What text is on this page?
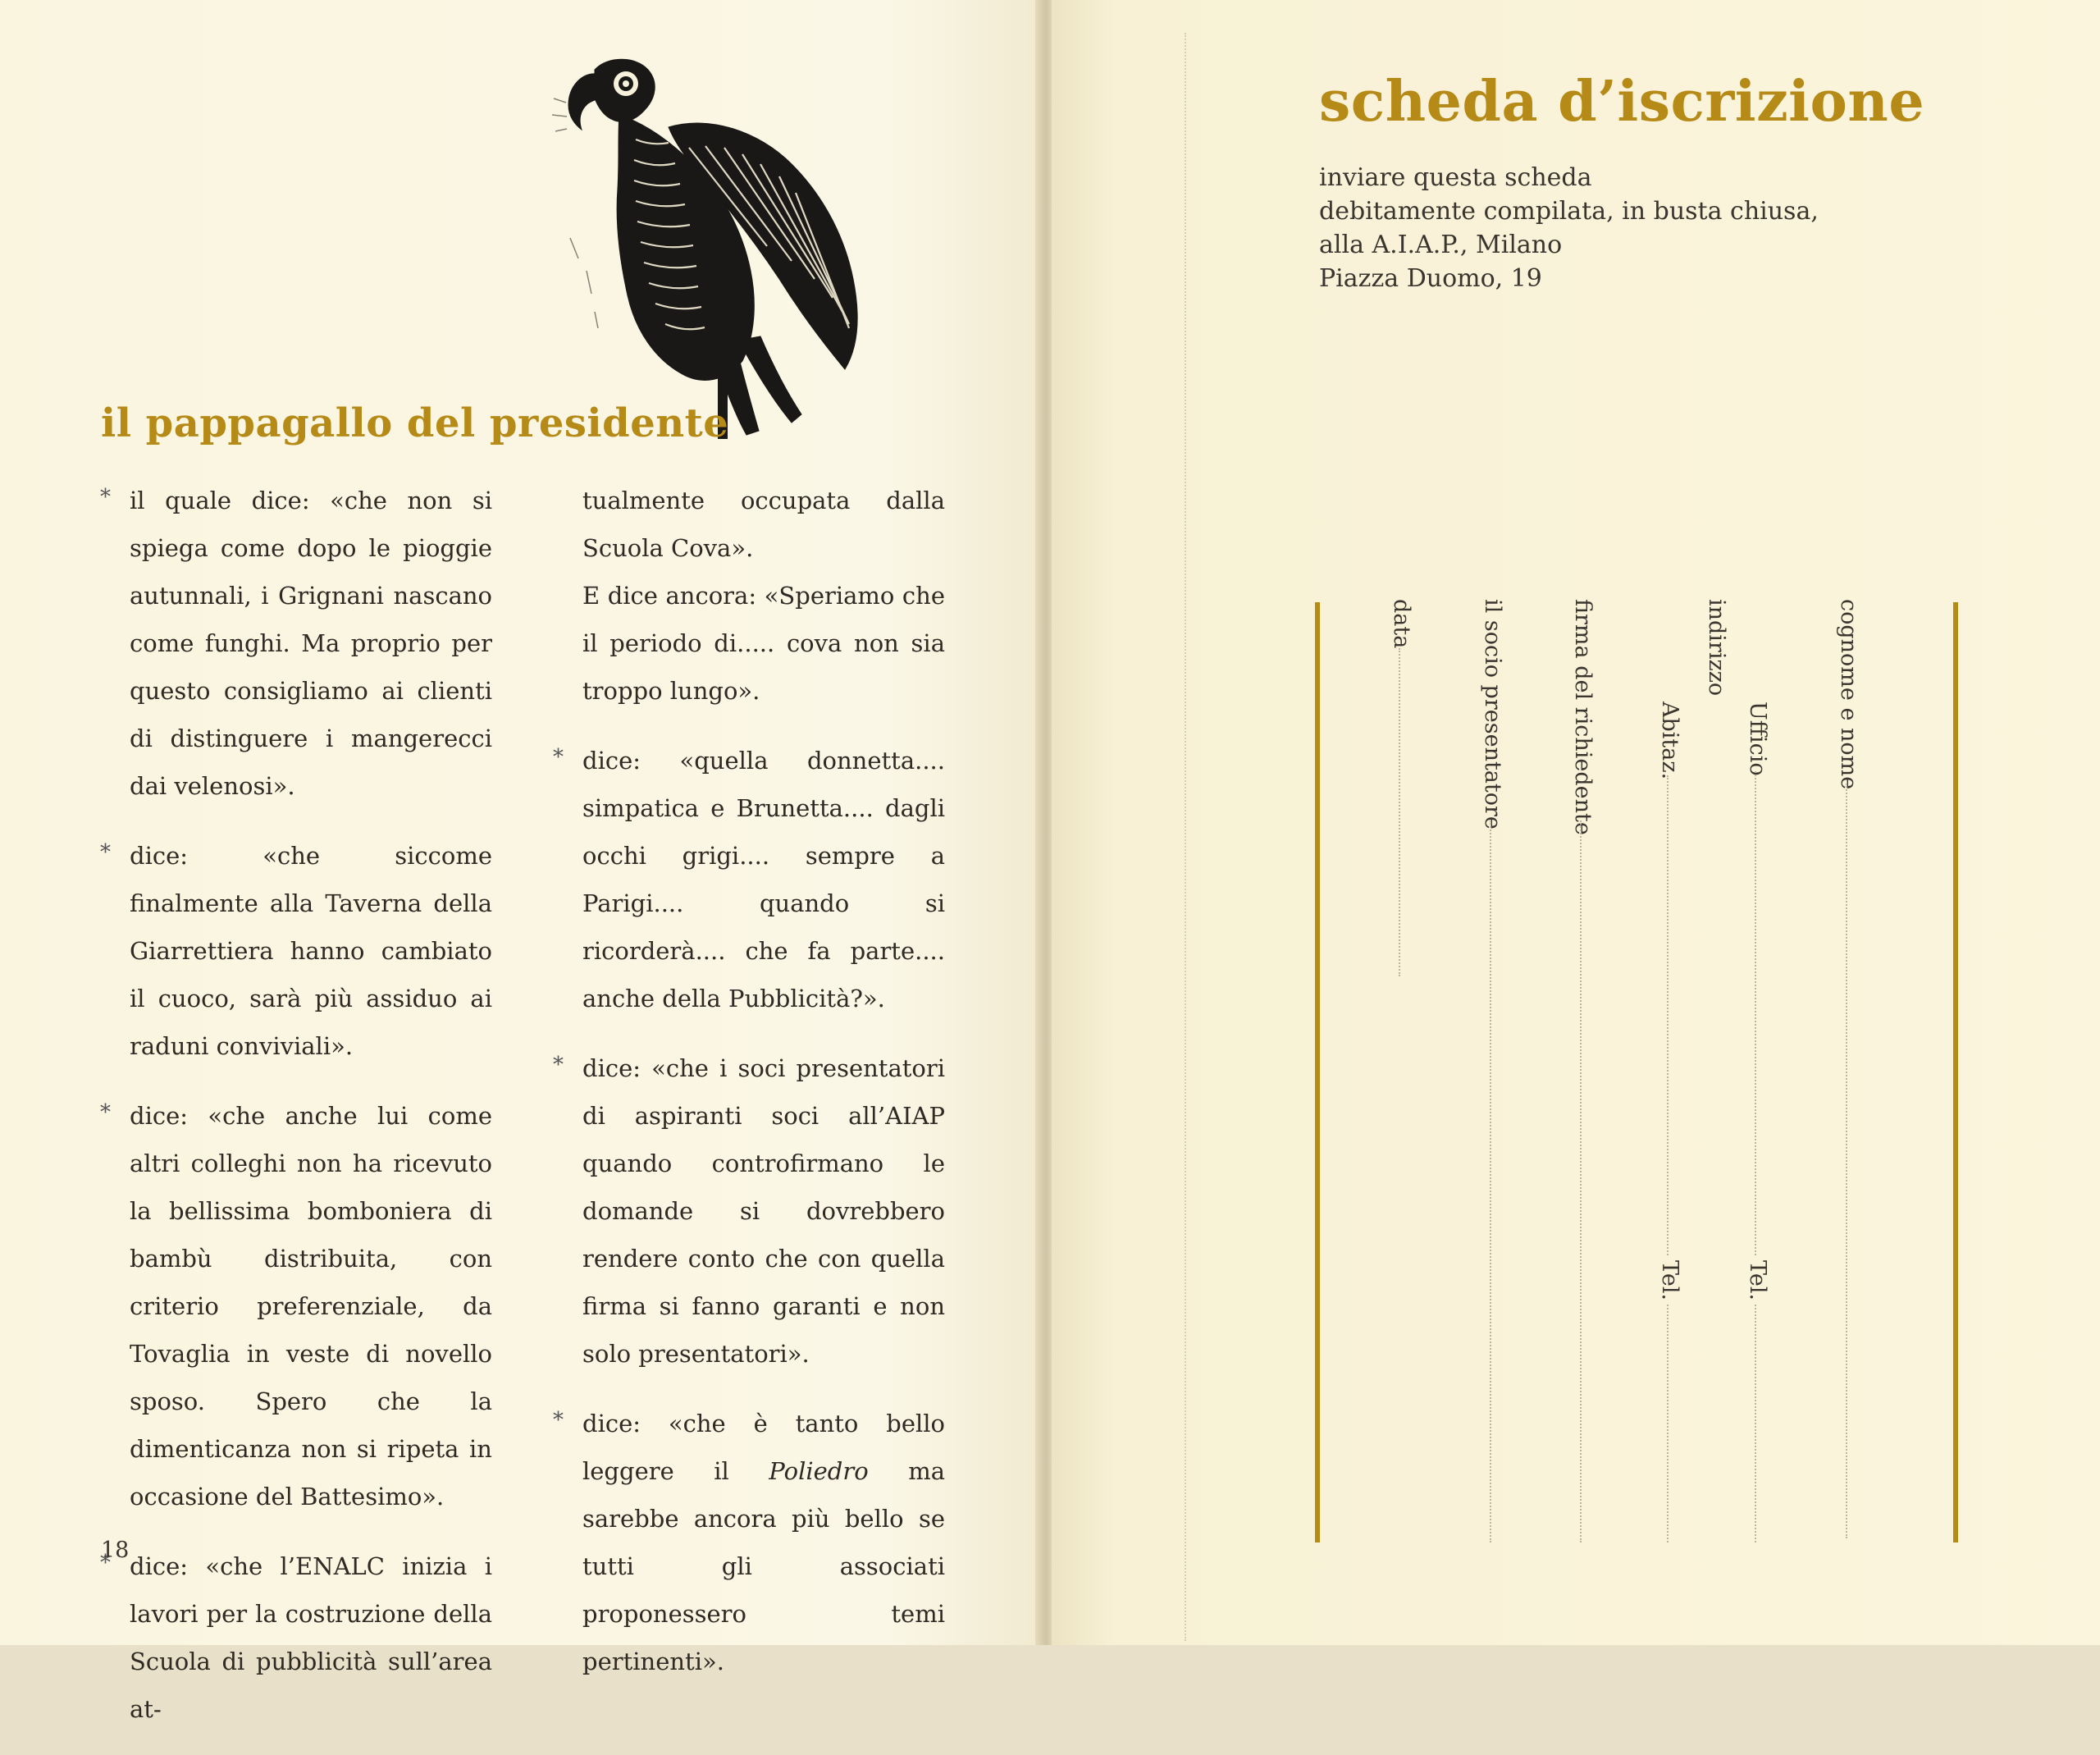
il pappagallo del presidente

* il quale dice: «che non si spiega come dopo le pioggie autunnali, i Grignani nascano come funghi. Ma proprio per questo consigliamo ai clienti di distinguere i mangerecci dai velenosi».

* dice: «che siccome finalmente alla Taverna della Giarrettiera hanno cambiato il cuoco, sarà più assiduo ai raduni conviviali».

* dice: «che anche lui come altri colleghi non ha ricevuto la bellissima bomboniera di bambù distribuita, con criterio preferenziale, da Tovaglia in veste di novello sposo. Spero che la dimenticanza non si ripeta in occasione del Battesimo».

* dice: «che l’ENALC inizia i lavori per la costruzione della Scuola di pubblicità sull’area at-

tualmente occupata dalla Scuola Cova».

E dice ancora: «Speriamo che il periodo di..... cova non sia troppo lungo».

* dice: «quella donnetta.... simpatica e Brunetta.... dagli occhi grigi.... sempre a Parigi.... quando si ricorderà.... che fa parte.... anche della Pubblicità?».

* dice: «che i soci presentatori di aspiranti soci all’AIAP quando controfirmano le domande si dovrebbero rendere conto che con quella firma si fanno garanti e non solo presentatori».

* dice: «che è tanto bello leggere il Poliedro ma sarebbe ancora più bello se tutti gli associati proponessero temi pertinenti».

18
scheda d’iscrizione
inviare questa scheda
debitamente compilata, in busta chiusa,
alla A.I.A.P., Milano
Piazza Duomo, 19
cognome e nome
indirizzo
Ufficio
Tel.
Abitaz.
Tel.
firma del richiedente
il socio presentatore
data
